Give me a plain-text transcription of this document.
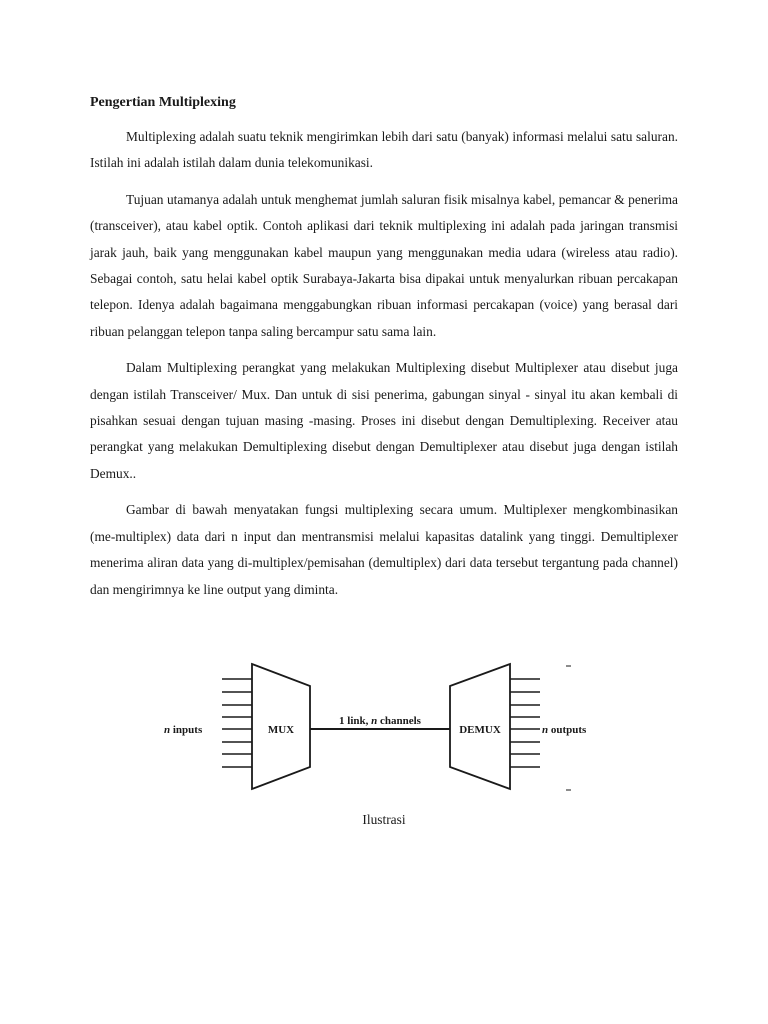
Pengertian Multiplexing

Multiplexing adalah suatu teknik mengirimkan lebih dari satu (banyak) informasi melalui satu saluran. Istilah ini adalah istilah dalam dunia telekomunikasi.

Tujuan utamanya adalah untuk menghemat jumlah saluran fisik misalnya kabel, pemancar & penerima (transceiver), atau kabel optik. Contoh aplikasi dari teknik multiplexing ini adalah pada jaringan transmisi jarak jauh, baik yang menggunakan kabel maupun yang menggunakan media udara (wireless atau radio). Sebagai contoh, satu helai kabel optik Surabaya-Jakarta bisa dipakai untuk menyalurkan ribuan percakapan telepon. Idenya adalah bagaimana menggabungkan ribuan informasi percakapan (voice) yang berasal dari ribuan pelanggan telepon tanpa saling bercampur satu sama lain.

Dalam Multiplexing perangkat yang melakukan Multiplexing disebut Multiplexer atau disebut juga dengan istilah Transceiver/ Mux. Dan untuk di sisi penerima, gabungan sinyal - sinyal itu akan kembali di pisahkan sesuai dengan tujuan masing -masing. Proses ini disebut dengan Demultiplexing. Receiver atau perangkat yang melakukan Demultiplexing disebut dengan Demultiplexer atau disebut juga dengan istilah Demux..

Gambar di bawah menyatakan fungsi multiplexing secara umum. Multiplexer mengkombinasikan (me-multiplex) data dari n input dan mentransmisi melalui kapasitas datalink yang tinggi. Demultiplexer menerima aliran data yang di-multiplex/pemisahan (demultiplex) dari data tersebut tergantung pada channel) dan mengirimnya ke line output yang diminta.

n inputs	MUX
1 link, n channels
DEMUX	n outputs
Ilustrasi
